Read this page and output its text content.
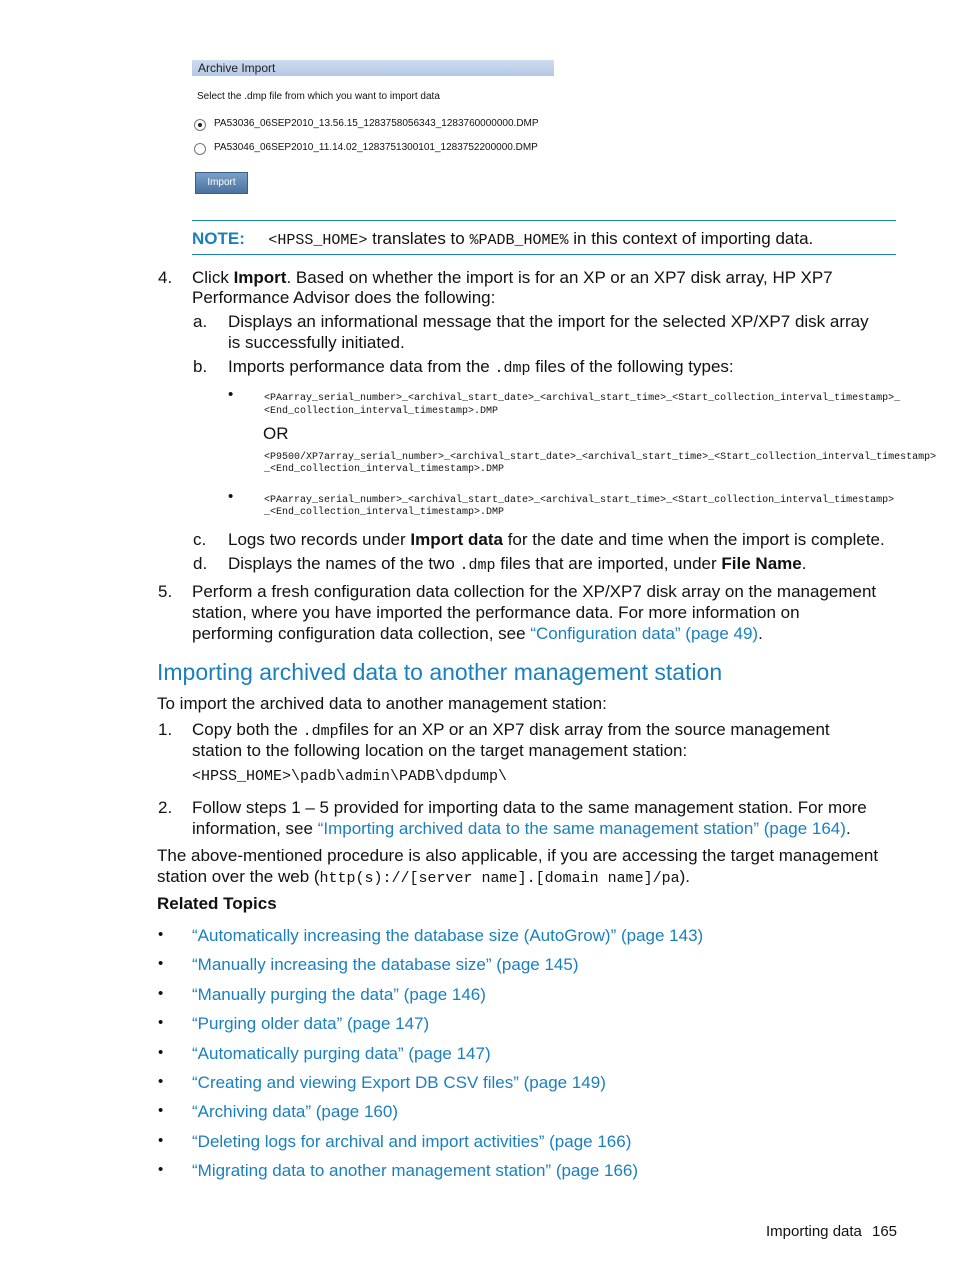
Archive Import
Select the .dmp file from which you want to import data
PA53036_06SEP2010_13.56.15_1283758056343_1283760000000.DMP
PA53046_06SEP2010_11.14.02_1283751300101_1283752200000.DMP
Import
NOTE: <HPSS_HOME> translates to %PADB_HOME% in this context of importing data.
4. Click Import. Based on whether the import is for an XP or an XP7 disk array, HP XP7
Performance Advisor does the following:
a. Displays an informational message that the import for the selected XP/XP7 disk array
is successfully initiated.
b. Imports performance data from the .dmp files of the following types:
•	<PAarray_serial_number>_<archival_start_date>_<archival_start_time>_<Start_collection_interval_timestamp>_
<End_collection_interval_timestamp>.DMP
OR
<P9500/XP7array_serial_number>_<archival_start_date>_<archival_start_time>_<Start_collection_interval_timestamp>
_<End_collection_interval_timestamp>.DMP
•	<PAarray_serial_number>_<archival_start_date>_<archival_start_time>_<Start_collection_interval_timestamp>
_<End_collection_interval_timestamp>.DMP
c. Logs two records under Import data for the date and time when the import is complete.
d. Displays the names of the two .dmp files that are imported, under File Name.
5. Perform a fresh configuration data collection for the XP/XP7 disk array on the management
station, where you have imported the performance data. For more information on
performing configuration data collection, see “Configuration data” (page 49).
Importing archived data to another management station
To import the archived data to another management station:
1. Copy both the .dmpfiles for an XP or an XP7 disk array from the source management
station to the following location on the target management station:
<HPSS_HOME>\padb\admin\PADB\dpdump\
2. Follow steps 1 – 5 provided for importing data to the same management station. For more
information, see “Importing archived data to the same management station” (page 164).
The above-mentioned procedure is also applicable, if you are accessing the target management
station over the web (http(s)://[server name].[domain name]/pa).
Related Topics
• “Automatically increasing the database size (AutoGrow)” (page 143)
• “Manually increasing the database size” (page 145)
• “Manually purging the data” (page 146)
• “Purging older data” (page 147)
• “Automatically purging data” (page 147)
• “Creating and viewing Export DB CSV files” (page 149)
• “Archiving data” (page 160)
• “Deleting logs for archival and import activities” (page 166)
• “Migrating data to another management station” (page 166)
Importing data 165
